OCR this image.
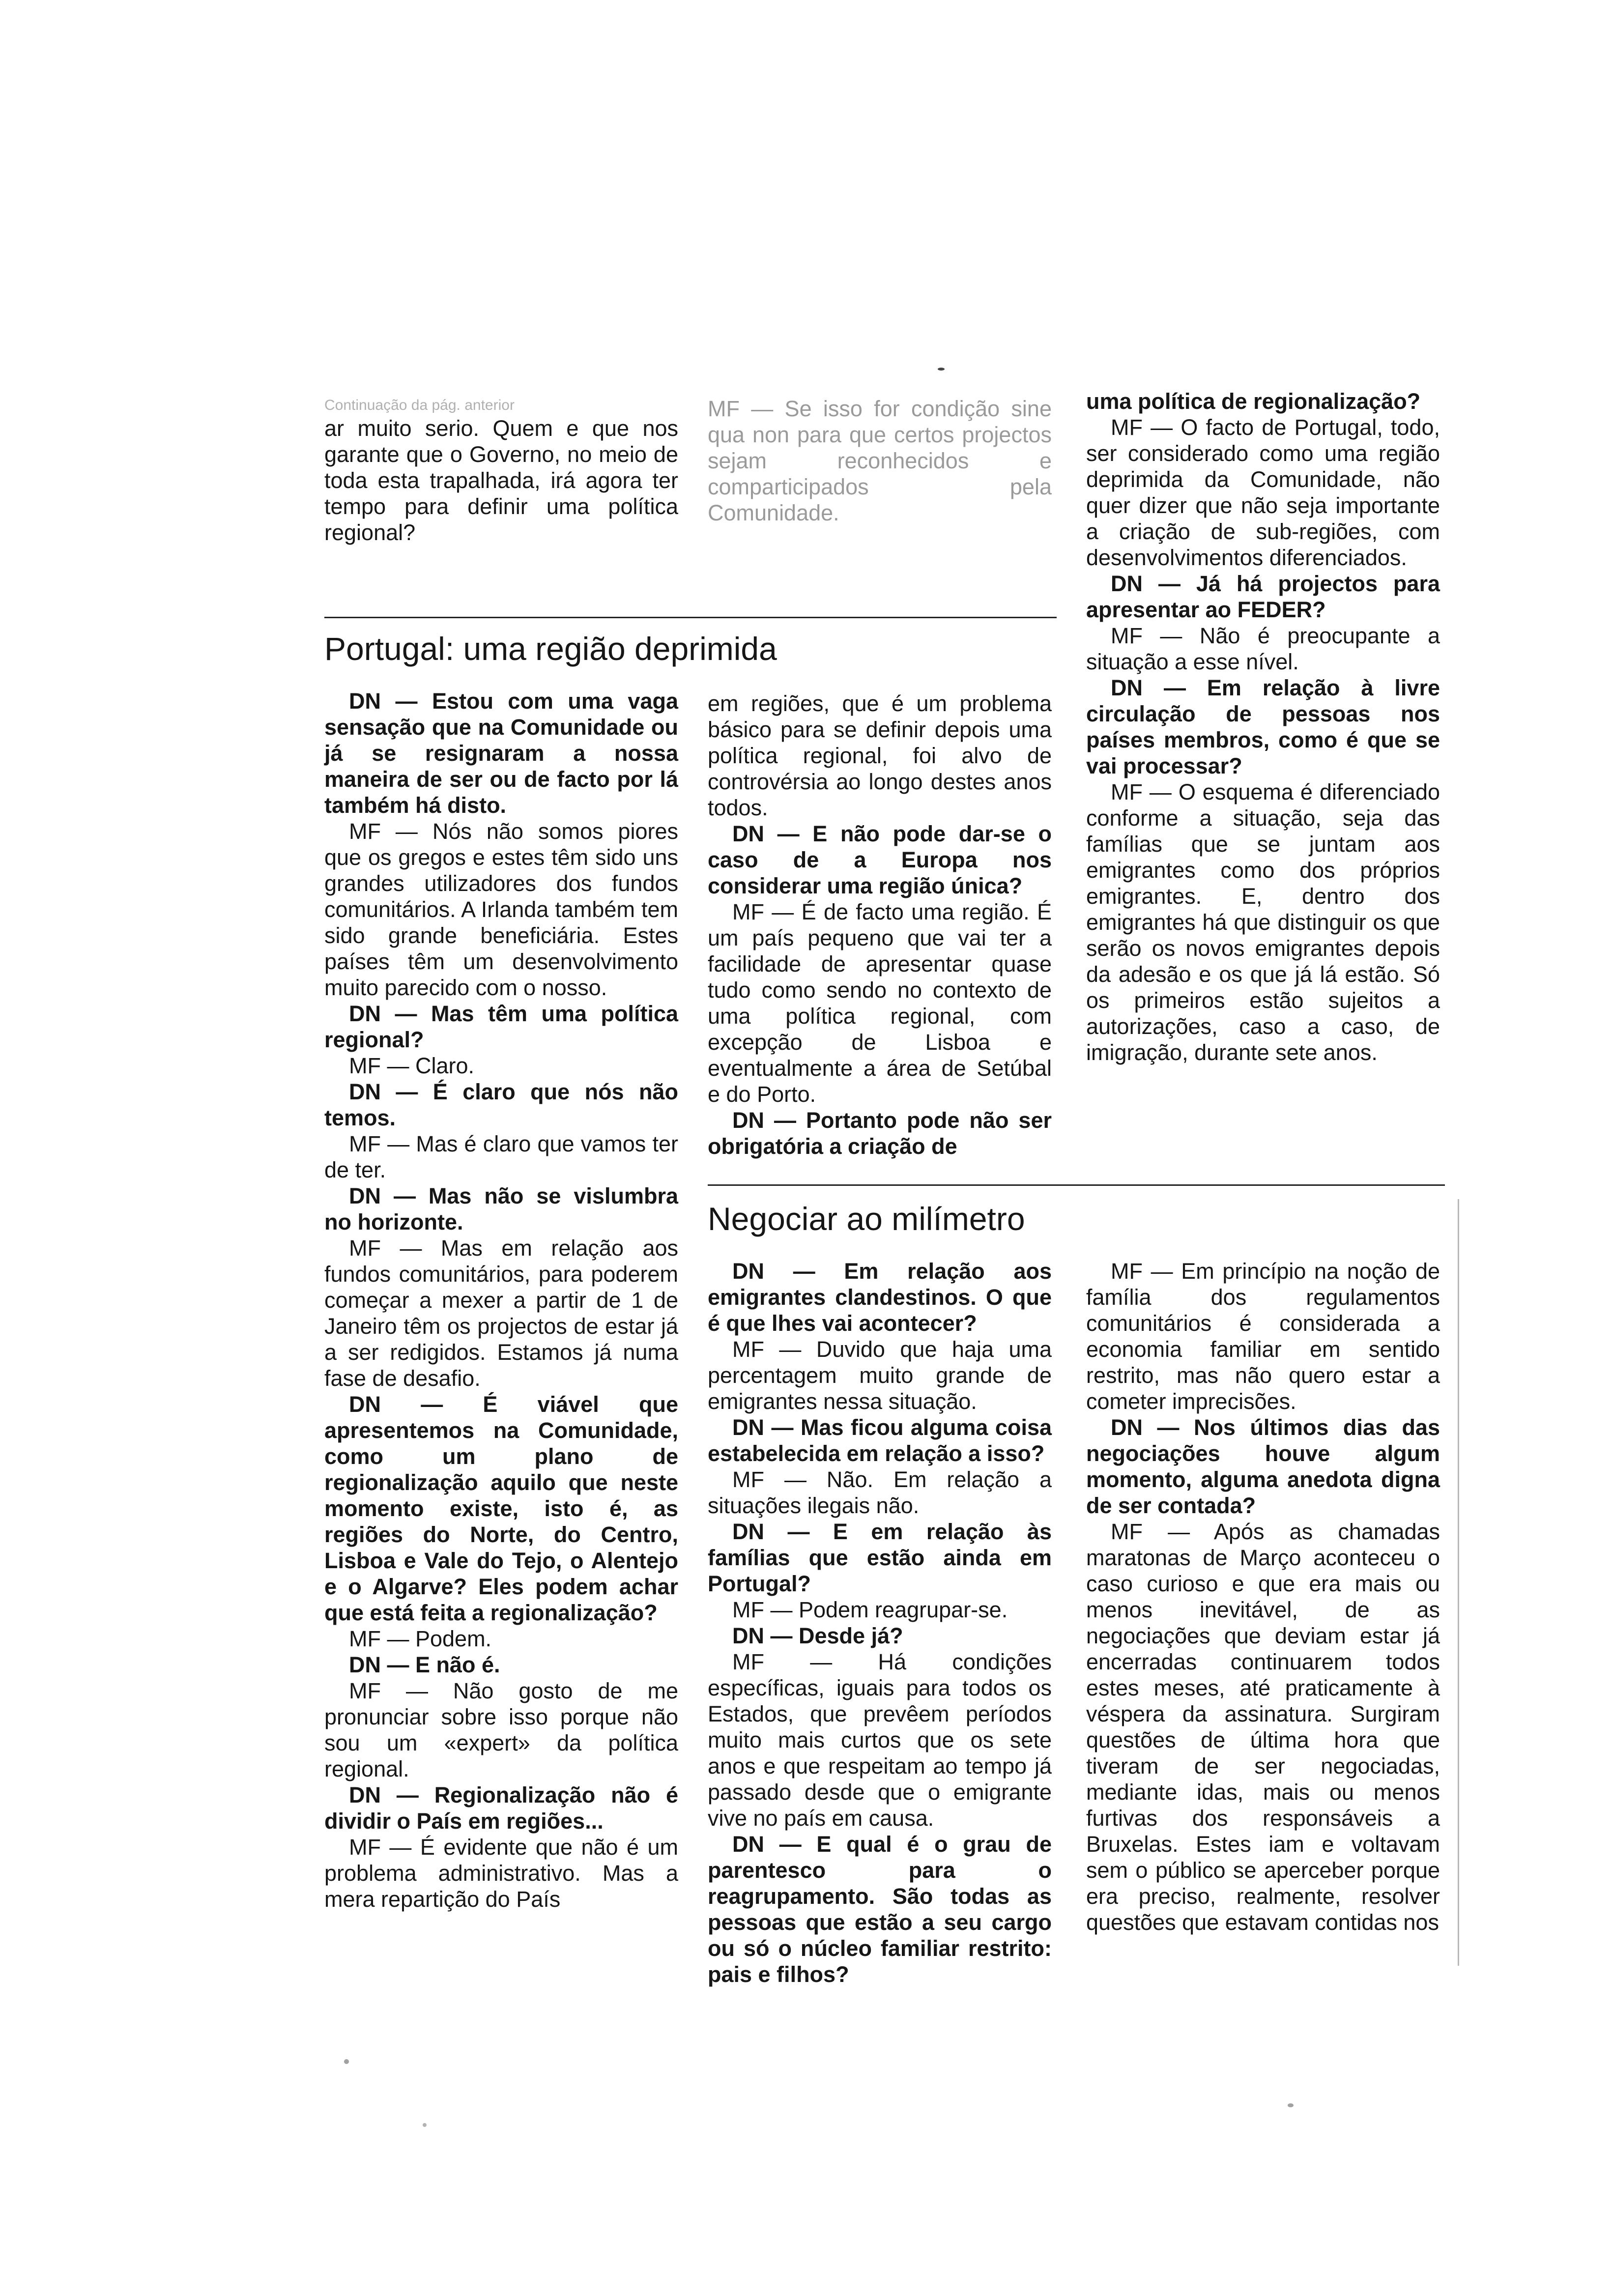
Continuação da pág. anterior

ar muito serio. Quem e que nos garante que o Governo, no meio de toda esta trapalhada, irá agora ter tempo para definir uma política regional?

MF — Se isso for condição sine qua non para que certos projectos sejam reconhecidos e comparticipados pela Comunidade.

uma política de regionalização?

MF — O facto de Portugal, todo, ser considerado como uma região deprimida da Comunidade, não quer dizer que não seja importante a criação de sub-regiões, com desenvolvimentos diferenciados.

DN — Já há projectos para apresentar ao FEDER?

MF — Não é preocupante a situação a esse nível.

DN — Em relação à livre circulação de pessoas nos países membros, como é que se vai processar?

MF — O esquema é diferenciado conforme a situação, seja das famílias que se juntam aos emigrantes como dos próprios emigrantes. E, dentro dos emigrantes há que distinguir os que serão os novos emigrantes depois da adesão e os que já lá estão. Só os primeiros estão sujeitos a autorizações, caso a caso, de imigração, durante sete anos.

Portugal: uma região deprimida

DN — Estou com uma vaga sensação que na Comunidade ou já se resignaram a nossa maneira de ser ou de facto por lá também há disto.

MF — Nós não somos piores que os gregos e estes têm sido uns grandes utilizadores dos fundos comunitários. A Irlanda também tem sido grande beneficiária. Estes países têm um desenvolvimento muito parecido com o nosso.

DN — Mas têm uma política regional?

MF — Claro.

DN — É claro que nós não temos.

MF — Mas é claro que vamos ter de ter.

DN — Mas não se vislumbra no horizonte.

MF — Mas em relação aos fundos comunitários, para poderem começar a mexer a partir de 1 de Janeiro têm os projectos de estar já a ser redigidos. Estamos já numa fase de desafio.

DN — É viável que apresentemos na Comunidade, como um plano de regionalização aquilo que neste momento existe, isto é, as regiões do Norte, do Centro, Lisboa e Vale do Tejo, o Alentejo e o Algarve? Eles podem achar que está feita a regionalização?

MF — Podem.

DN — E não é.

MF — Não gosto de me pronunciar sobre isso porque não sou um «expert» da política regional.

DN — Regionalização não é dividir o País em regiões...

MF — É evidente que não é um problema administrativo. Mas a mera repartição do País

em regiões, que é um problema básico para se definir depois uma política regional, foi alvo de controvérsia ao longo destes anos todos.

DN — E não pode dar-se o caso de a Europa nos considerar uma região única?

MF — É de facto uma região. É um país pequeno que vai ter a facilidade de apresentar quase tudo como sendo no contexto de uma política regional, com excepção de Lisboa e eventualmente a área de Setúbal e do Porto.

DN — Portanto pode não ser obrigatória a criação de

Negociar ao milímetro

DN — Em relação aos emigrantes clandestinos. O que é que lhes vai acontecer?

MF — Duvido que haja uma percentagem muito grande de emigrantes nessa situação.

DN — Mas ficou alguma coisa estabelecida em relação a isso?

MF — Não. Em relação a situações ilegais não.

DN — E em relação às famílias que estão ainda em Portugal?

MF — Podem reagrupar-se.

DN — Desde já?

MF — Há condições específicas, iguais para todos os Estados, que prevêem períodos muito mais curtos que os sete anos e que respeitam ao tempo já passado desde que o emigrante vive no país em causa.

DN — E qual é o grau de parentesco para o reagrupamento. São todas as pessoas que estão a seu cargo ou só o núcleo familiar restrito: pais e filhos?

MF — Em princípio na noção de família dos regulamentos comunitários é considerada a economia familiar em sentido restrito, mas não quero estar a cometer imprecisões.

DN — Nos últimos dias das negociações houve algum momento, alguma anedota digna de ser contada?

MF — Após as chamadas maratonas de Março aconteceu o caso curioso e que era mais ou menos inevitável, de as negociações que deviam estar já encerradas continuarem todos estes meses, até praticamente à véspera da assinatura. Surgiram questões de última hora que tiveram de ser negociadas, mediante idas, mais ou menos furtivas dos responsáveis a Bruxelas. Estes iam e voltavam sem o público se aperceber porque era preciso, realmente, resolver questões que estavam contidas nos
